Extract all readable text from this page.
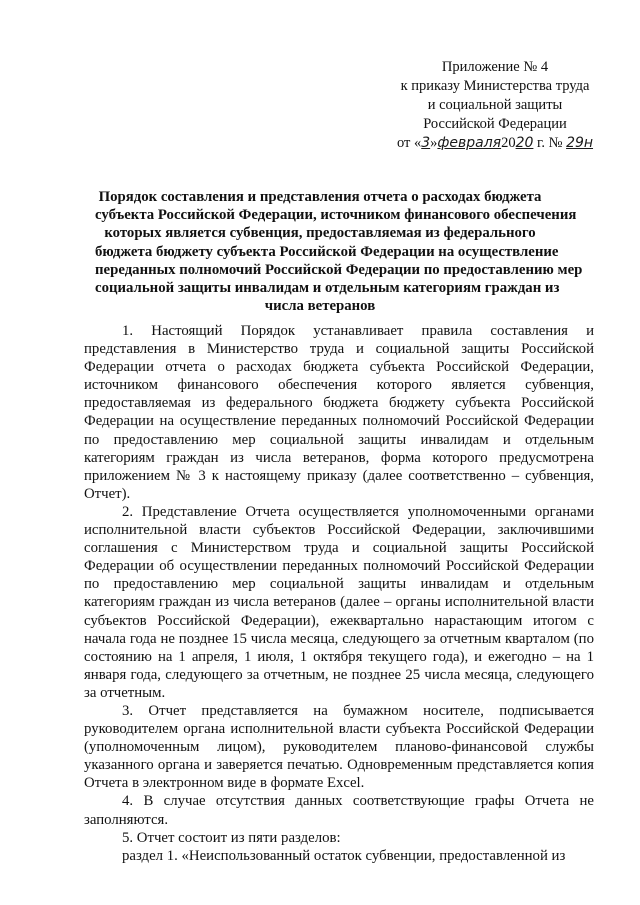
Приложение № 4
к приказу Министерства труда
и социальной защиты
Российской Федерации
от «3»февраля2020 г. № 29н
Порядок составления и представления отчета о расходах бюджета
субъекта Российской Федерации, источником финансового обеспечения
которых является субвенция, предоставляемая из федерального
бюджета бюджету субъекта Российской Федерации на осуществление
переданных полномочий Российской Федерации по предоставлению мер
социальной защиты инвалидам и отдельным категориям граждан из
числа ветеранов

1. Настоящий Порядок устанавливает правила составления и представления в Министерство труда и социальной защиты Российской Федерации отчета о расходах бюджета субъекта Российской Федерации, источником финансового обеспечения которого является субвенция, предоставляемая из федерального бюджета бюджету субъекта Российской Федерации на осуществление переданных полномочий Российской Федерации по предоставлению мер социальной защиты инвалидам и отдельным категориям граждан из числа ветеранов, форма которого предусмотрена приложением № 3 к настоящему приказу (далее соответственно – субвенция, Отчет).

2. Представление Отчета осуществляется уполномоченными органами исполнительной власти субъектов Российской Федерации, заключившими соглашения с Министерством труда и социальной защиты Российской Федерации об осуществлении переданных полномочий Российской Федерации по предоставлению мер социальной защиты инвалидам и отдельным категориям граждан из числа ветеранов (далее – органы исполнительной власти субъектов Российской Федерации), ежеквартально нарастающим итогом с начала года не позднее 15 числа месяца, следующего за отчетным кварталом (по состоянию на 1 апреля, 1 июля, 1 октября текущего года), и ежегодно – на 1 января года, следующего за отчетным, не позднее 25 числа месяца, следующего за отчетным.

3. Отчет представляется на бумажном носителе, подписывается руководителем органа исполнительной власти субъекта Российской Федерации (уполномоченным лицом), руководителем планово-финансовой службы указанного органа и заверяется печатью. Одновременным представляется копия Отчета в электронном виде в формате Excel.

4. В случае отсутствия данных соответствующие графы Отчета не заполняются.

5. Отчет состоит из пяти разделов:

раздел 1. «Неиспользованный остаток субвенции, предоставленной из
